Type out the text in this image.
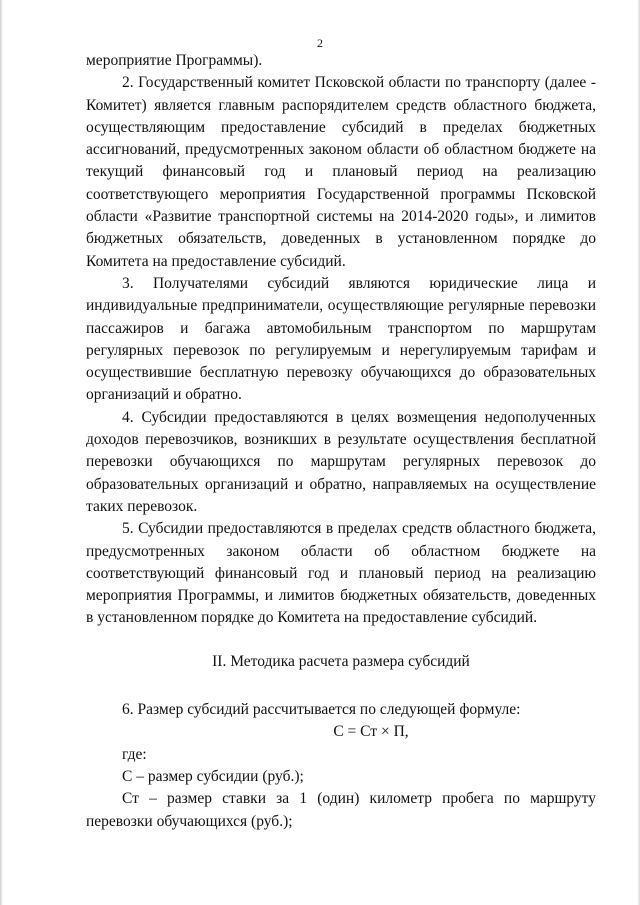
2

мероприятие Программы).

2. Государственный комитет Псковской области по транспорту (далее - Комитет) является главным распорядителем средств областного бюджета, осуществляющим предоставление субсидий в пределах бюджетных ассигнований, предусмотренных законом области об областном бюджете на текущий финансовый год и плановый период на реализацию соответствующего мероприятия Государственной программы Псковской области «Развитие транспортной системы на 2014-2020 годы», и лимитов бюджетных обязательств, доведенных в установленном порядке до Комитета на предоставление субсидий.

3. Получателями субсидий являются юридические лица и индивидуальные предприниматели, осуществляющие регулярные перевозки пассажиров и багажа автомобильным транспортом по маршрутам регулярных перевозок по регулируемым и нерегулируемым тарифам и осуществившие бесплатную перевозку обучающихся до образовательных организаций и обратно.

4. Субсидии предоставляются в целях возмещения недополученных доходов перевозчиков, возникших в результате осуществления бесплатной перевозки обучающихся по маршрутам регулярных перевозок до образовательных организаций и обратно, направляемых на осуществление таких перевозок.

5. Субсидии предоставляются в пределах средств областного бюджета, предусмотренных законом области об областном бюджете на соответствующий финансовый год и плановый период на реализацию мероприятия Программы, и лимитов бюджетных обязательств, доведенных в установленном порядке до Комитета на предоставление субсидий.

II. Методика расчета размера субсидий

6. Размер субсидий рассчитывается по следующей формуле:

С = Ст × П,

где:

С – размер субсидии (руб.);

Ст – размер ставки за 1 (один) километр пробега по маршруту перевозки обучающихся (руб.);
